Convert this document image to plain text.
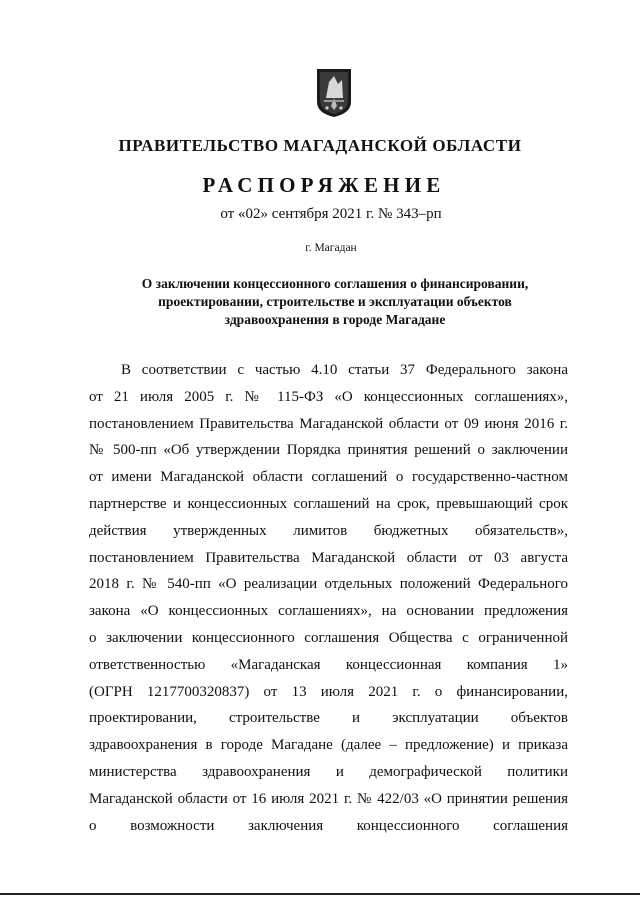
ПРАВИТЕЛЬСТВО МАГАДАНСКОЙ ОБЛАСТИ
РАСПОРЯЖЕНИЕ
от «02» сентября 2021 г. № 343–рп
г. Магадан
О заключении концессионного соглашения о финансировании,
проектировании, строительстве и эксплуатации объектов
здравоохранения в городе Магадане
В соответствии с частью 4.10 статьи 37 Федерального закона
от 21 июля 2005 г. № 115-ФЗ «О концессионных соглашениях»,
постановлением Правительства Магаданской области от 09 июня 2016 г.
№ 500-пп «Об утверждении Порядка принятия решений о заключении
от имени Магаданской области соглашений о государственно-частном
партнерстве и концессионных соглашений на срок, превышающий срок
действия утвержденных лимитов бюджетных обязательств»,
постановлением Правительства Магаданской области от 03 августа
2018 г. № 540-пп «О реализации отдельных положений Федерального
закона «О концессионных соглашениях», на основании предложения
о заключении концессионного соглашения Общества с ограниченной
ответственностью «Магаданская концессионная компания 1»
(ОГРН 1217700320837) от 13 июля 2021 г. о финансировании,
проектировании, строительстве и эксплуатации объектов
здравоохранения в городе Магадане (далее – предложение) и приказа
министерства здравоохранения и демографической политики
Магаданской области от 16 июля 2021 г. № 422/03 «О принятии решения
о возможности заключения концессионного соглашения
